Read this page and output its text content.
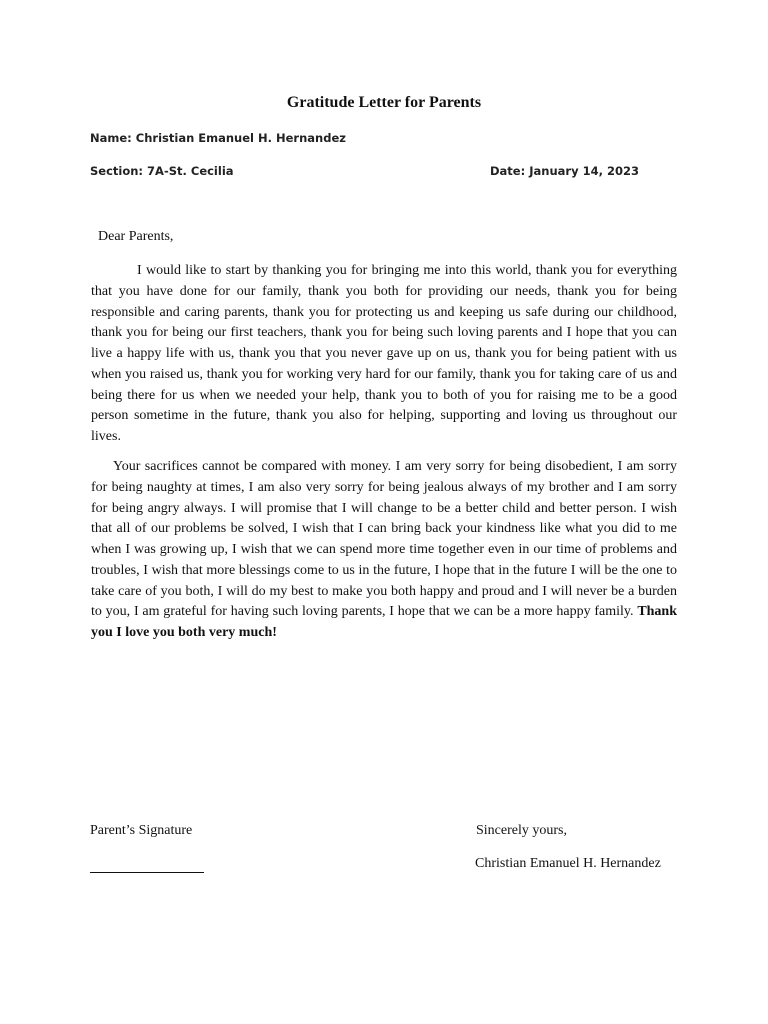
Gratitude Letter for Parents
Name: Christian Emanuel H. Hernandez
Section: 7A-St. Cecilia	Date: January 14, 2023
Dear Parents,

I would like to start by thanking you for bringing me into this world, thank you for everything that you have done for our family, thank you both for providing our needs, thank you for being responsible and caring parents, thank you for protecting us and keeping us safe during our childhood, thank you for being our first teachers, thank you for being such loving parents and I hope that you can live a happy life with us, thank you that you never gave up on us, thank you for being patient with us when you raised us, thank you for working very hard for our family, thank you for taking care of us and being there for us when we needed your help, thank you to both of you for raising me to be a good person sometime in the future, thank you also for helping, supporting and loving us throughout our lives.

Your sacrifices cannot be compared with money. I am very sorry for being disobedient, I am sorry for being naughty at times, I am also very sorry for being jealous always of my brother and I am sorry for being angry always. I will promise that I will change to be a better child and better person. I wish that all of our problems be solved, I wish that I can bring back your kindness like what you did to me when I was growing up, I wish that we can spend more time together even in our time of problems and troubles, I wish that more blessings come to us in the future, I hope that in the future I will be the one to take care of you both, I will do my best to make you both happy and proud and I will never be a burden to you, I am grateful for having such loving parents, I hope that we can be a more happy family. Thank you I love you both very much!

Parent’s Signature	Sincerely yours,
Christian Emanuel H. Hernandez
